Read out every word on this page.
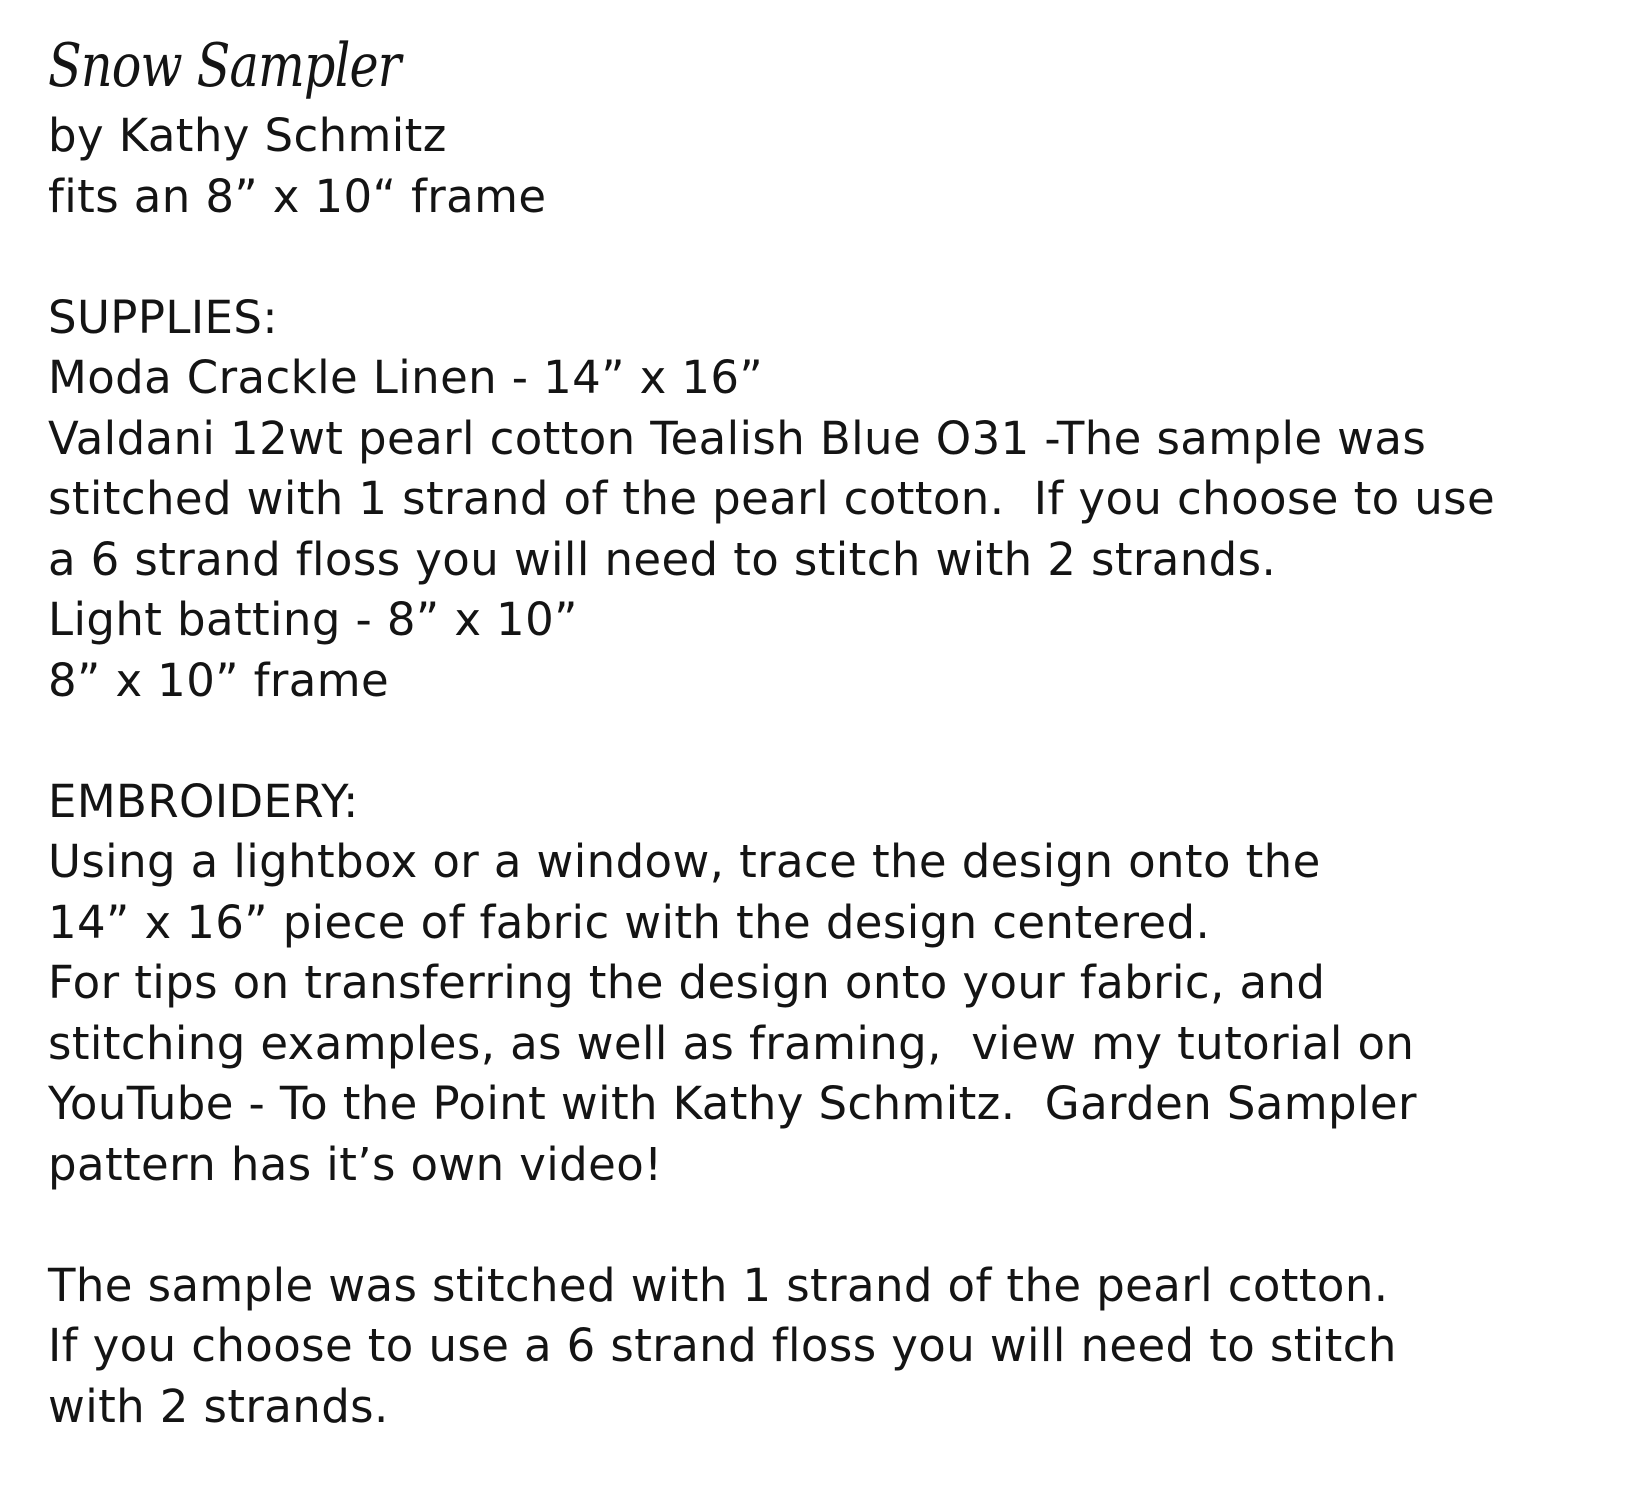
Snow Sampler
by Kathy Schmitz
fits an 8” x 10“ frame
SUPPLIES:
Moda Crackle Linen - 14” x 16”
Valdani 12wt pearl cotton Tealish Blue O31 -The sample was
stitched with 1 strand of the pearl cotton.  If you choose to use
a 6 strand floss you will need to stitch with 2 strands.
Light batting - 8” x 10”
8” x 10” frame
EMBROIDERY:
Using a lightbox or a window, trace the design onto the
14” x 16” piece of fabric with the design centered.
For tips on transferring the design onto your fabric, and
stitching examples, as well as framing,  view my tutorial on
YouTube - To the Point with Kathy Schmitz.  Garden Sampler
pattern has it’s own video!
The sample was stitched with 1 strand of the pearl cotton.
If you choose to use a 6 strand floss you will need to stitch
with 2 strands.
